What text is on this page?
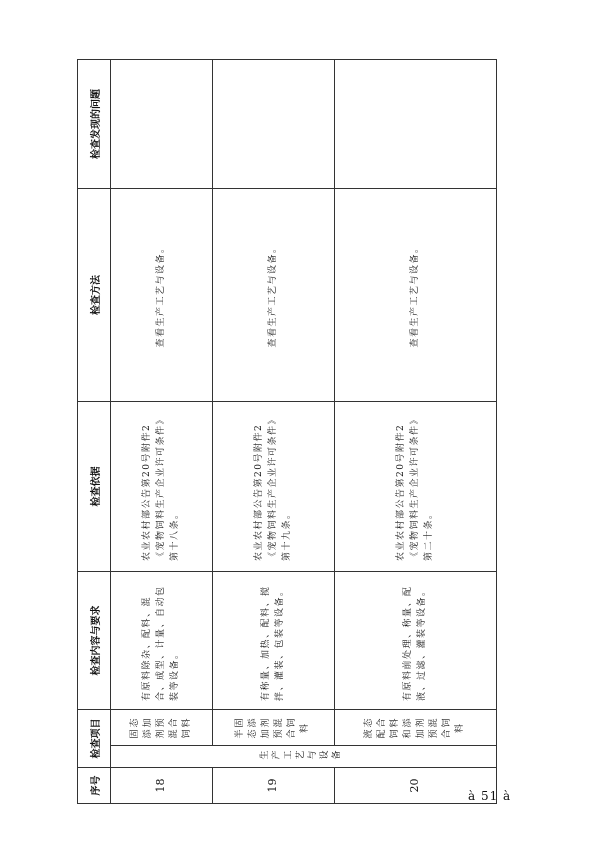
序号	检查项目		检查内容与要求	检查依据	检查方法	检查发现的问题
18	生产工艺与设备	固态添加剂预混合饲料	有原料除杂、配料、混合、成型、计量、自动包装等设备。	农业农村部公告第20号附件2《宠物饲料生产企业许可条件》第十八条。	查看生产工艺与设备。	
19		半固态添加剂预混合饲料	有称量、加热、配料、搅拌、灌装、包装等设备。	农业农村部公告第20号附件2《宠物饲料生产企业许可条件》第十九条。	查看生产工艺与设备。	
20		液态配合饲料和添加剂预混合饲料	有原料前处理、称量、配液、过滤、灌装等设备。	农业农村部公告第20号附件2《宠物饲料生产企业许可条件》第二十条。	查看生产工艺与设备。	
à 51 à
